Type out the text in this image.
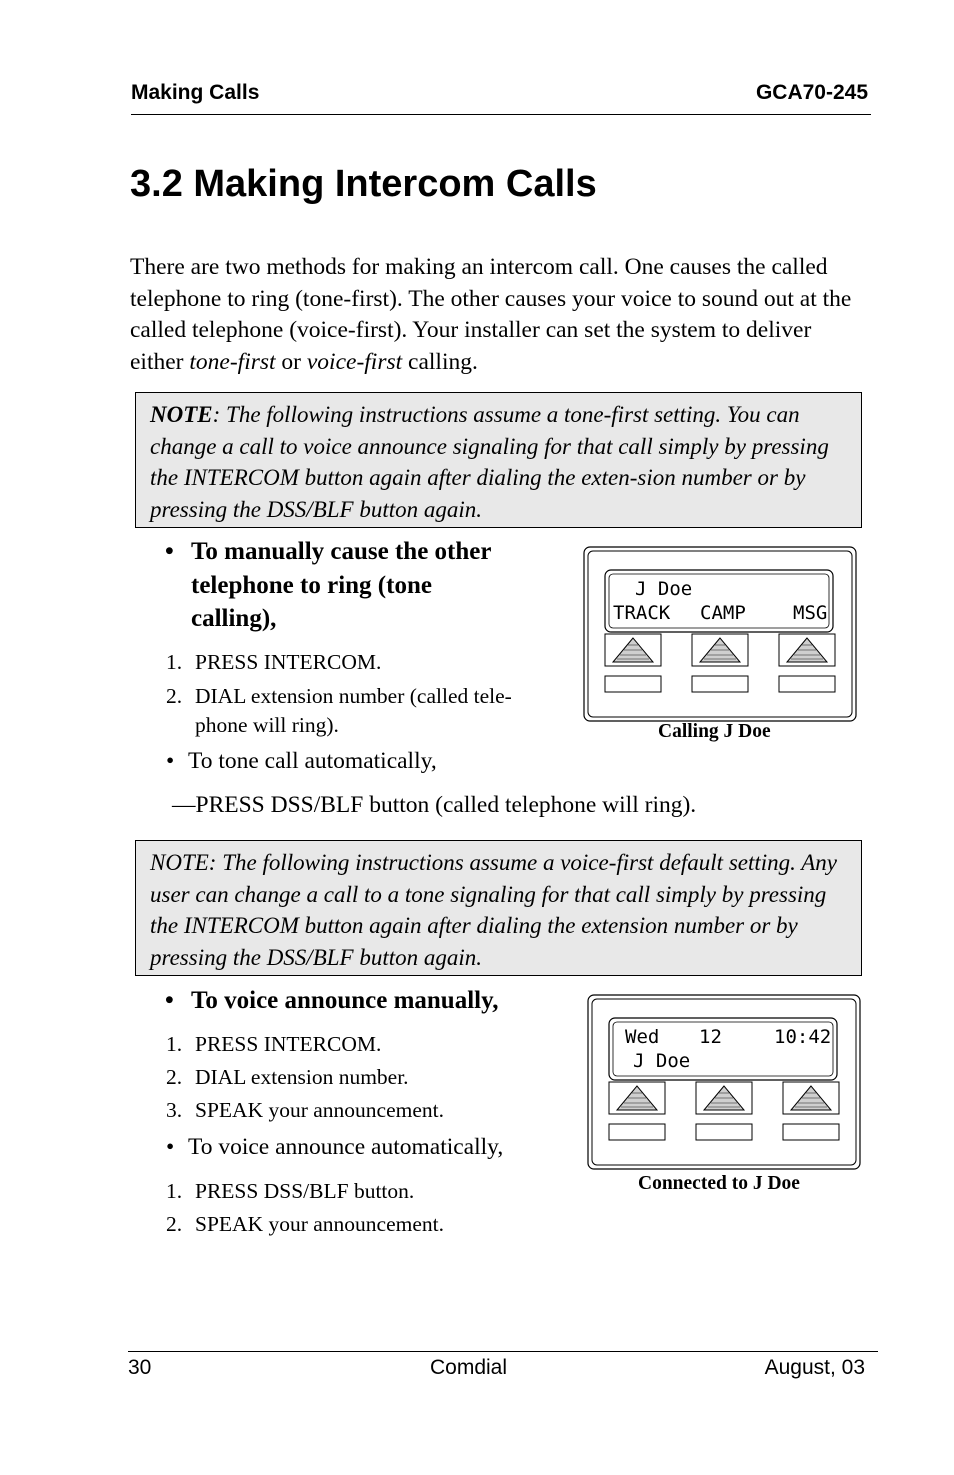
Making Calls	GCA70-245
3.2 Making Intercom Calls

There are two methods for making an intercom call. One causes the called telephone to ring (tone-first). The other causes your voice to sound out at the called telephone (voice-first). Your installer can set the system to deliver either tone-first or voice-first calling.

NOTE: The following instructions assume a tone-first setting. You can change a call to voice announce signaling for that call simply by pressing the INTERCOM button again after dialing the exten-sion number or by pressing the DSS/BLF button again.
• To manually cause the other
telephone to ring (tone
calling),
1. PRESS INTERCOM.
2. DIAL extension number (called tele-
phone will ring).
• To tone call automatically,
—PRESS DSS/BLF button (called telephone will ring).
J Doe
TRACK CAMP MSG
Calling J Doe
NOTE: The following instructions assume a voice-first default setting. Any user can change a call to a tone signaling for that call simply by pressing the INTERCOM button again after dialing the extension number or by pressing the DSS/BLF button again.
• To voice announce manually,
1. PRESS INTERCOM.
2. DIAL extension number.
3. SPEAK your announcement.
• To voice announce automatically,
1. PRESS DSS/BLF button.
2. SPEAK your announcement.
Wed 12	10:42
J Doe
Connected to J Doe
30	Comdial	August, 03
